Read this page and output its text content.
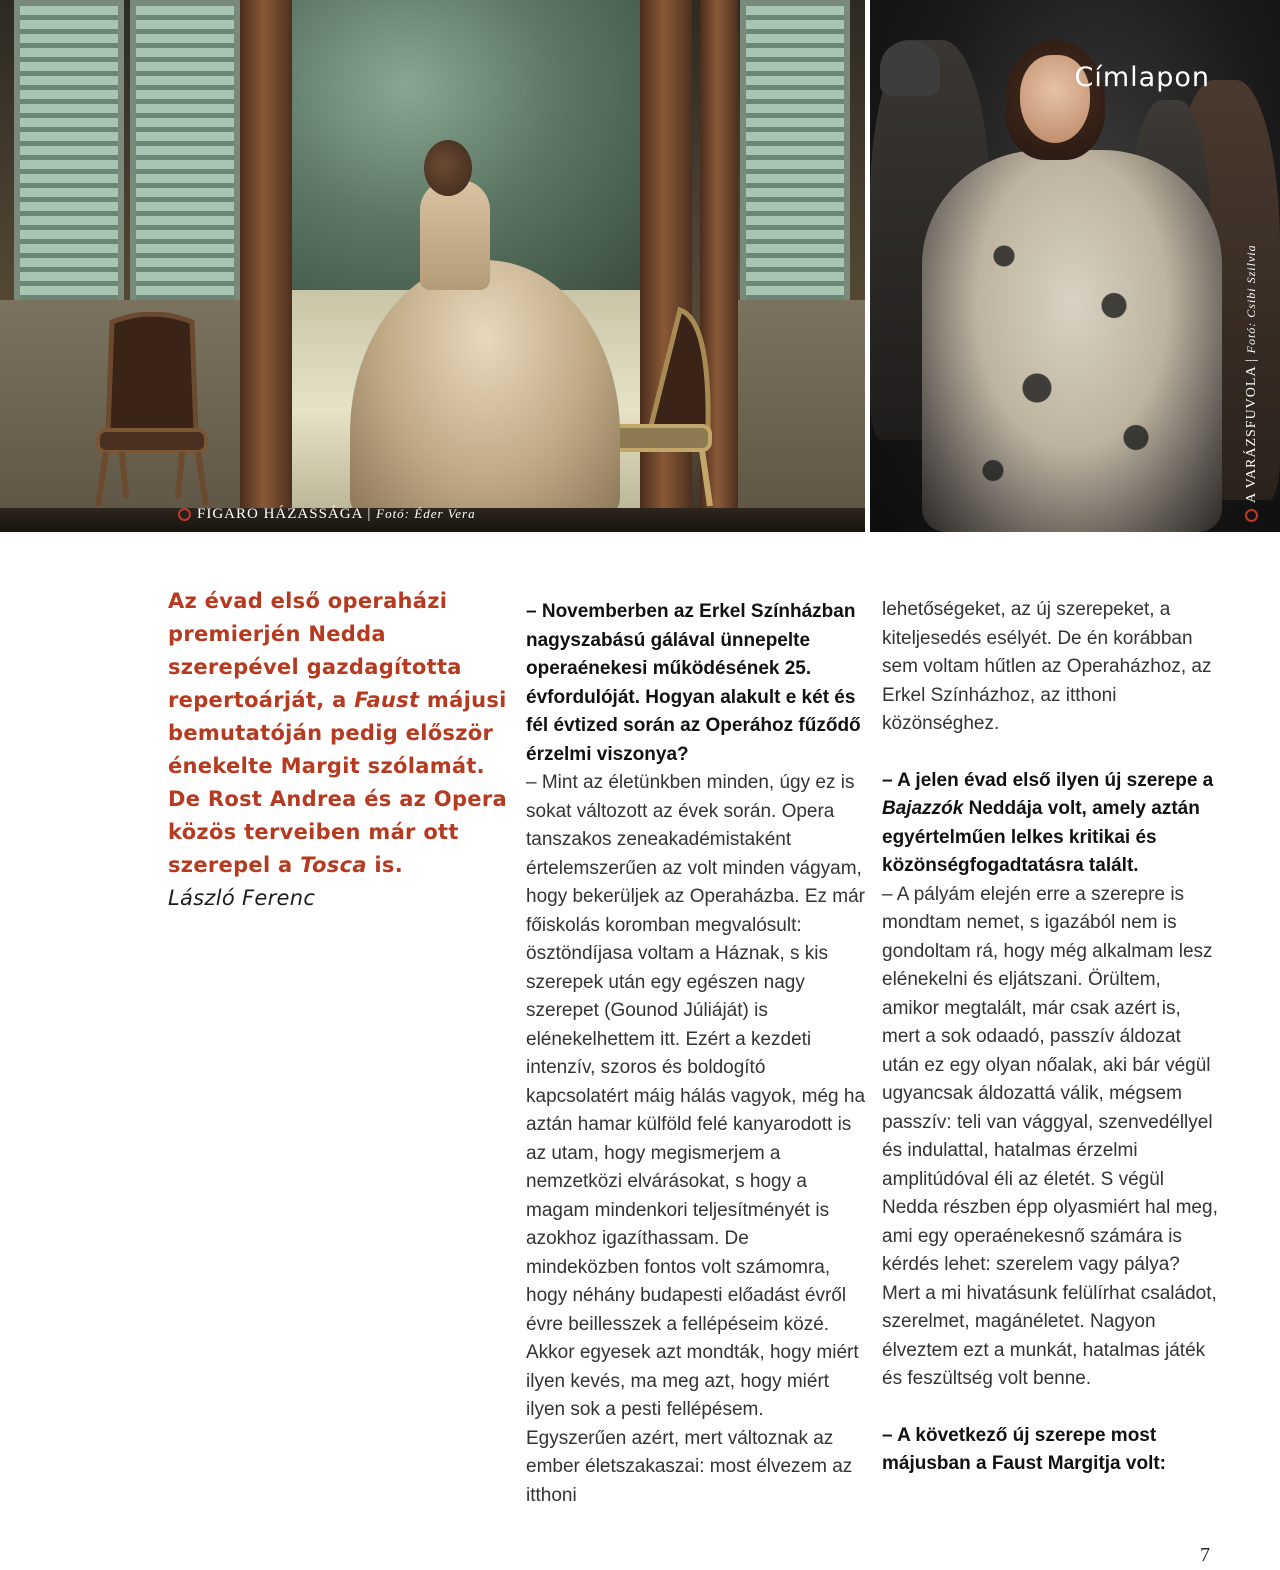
FIGARO HÁZASSÁGA | Fotó: Éder Vera
Címlapon
A VARÁZSFUVOLA | Fotó: Csibi Szilvia

Az évad első operaházi premierjén Nedda szerepével gazdagította repertoárját, a Faust májusi bemutatóján pedig először énekelte Margit szólamát. De Rost Andrea és az Opera közös terveiben már ott szerepel a Tosca is.

László Ferenc

– Novemberben az Erkel Színházban nagyszabású gálával ünnepelte operaénekesi működésének 25. évfordulóját. Hogyan alakult e két és fél évtized során az Operához fűződő érzelmi viszonya?

– Mint az életünkben minden, úgy ez is sokat változott az évek során. Opera tanszakos zeneakadémistaként értelemszerűen az volt minden vágyam, hogy bekerüljek az Operaházba. Ez már főiskolás koromban megvalósult: ösztöndíjasa voltam a Háznak, s kis szerepek után egy egészen nagy szerepet (Gounod Júliáját) is elénekelhettem itt. Ezért a kezdeti intenzív, szoros és boldogító kapcsolatért máig hálás vagyok, még ha aztán hamar külföld felé kanyarodott is az utam, hogy megismerjem a nemzetközi elvárásokat, s hogy a magam mindenkori teljesítményét is azokhoz igazíthassam. De mindeközben fontos volt számomra, hogy néhány budapesti előadást évről évre beillesszek a fellépéseim közé. Akkor egyesek azt mondták, hogy miért ilyen kevés, ma meg azt, hogy miért ilyen sok a pesti fellépésem. Egyszerűen azért, mert változnak az ember életszakaszai: most élvezem az itthoni

lehetőségeket, az új szerepeket, a kiteljesedés esélyét. De én korábban sem voltam hűtlen az Operaházhoz, az Erkel Színházhoz, az itthoni közönséghez.

– A jelen évad első ilyen új szerepe a Bajazzók Neddája volt, amely aztán egyértelműen lelkes kritikai és közönségfogadtatásra talált.

– A pályám elején erre a szerepre is mondtam nemet, s igazából nem is gondoltam rá, hogy még alkalmam lesz elénekelni és eljátszani. Örültem, amikor megtalált, már csak azért is, mert a sok odaadó, passzív áldozat után ez egy olyan nőalak, aki bár végül ugyancsak áldozattá válik, mégsem passzív: teli van vággyal, szenvedéllyel és indulattal, hatalmas érzelmi amplitúdóval éli az életét. S végül Nedda részben épp olyasmiért hal meg, ami egy operaénekesnő számára is kérdés lehet: szerelem vagy pálya? Mert a mi hivatásunk felülírhat családot, szerelmet, magánéletet. Nagyon élveztem ezt a munkát, hatalmas játék és feszültség volt benne.

– A következő új szerepe most májusban a Faust Margitja volt:

7
